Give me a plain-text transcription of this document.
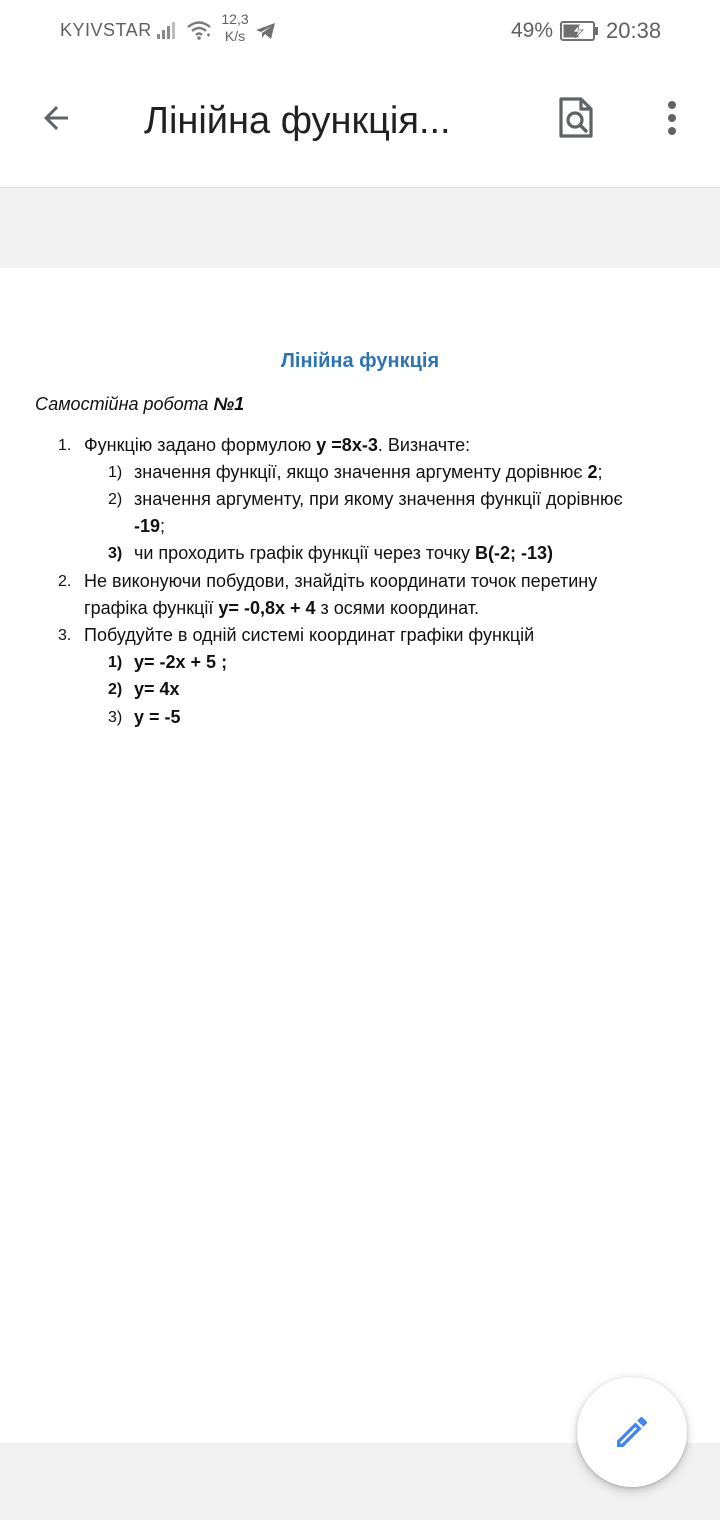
KYIVSTAR
12,3
K/s	49% 20:38
Лінійна функція...
Лінійна функція
Самостійна робота №1
1. Функцію задано формулою у =8х-3. Визначте:
1) значення функції, якщо значення аргументу дорівнює 2;
2) значення аргументу, при якому значення функції дорівнює
-19;
3) чи проходить графік функції через точку В(-2; -13)
2. Не виконуючи побудови, знайдіть координати точок перетину
графіка функції у= -0,8х + 4 з осями координат.
3. Побудуйте в одній системі координат графіки функцій
1) у= -2х + 5 ;
2) у= 4х
3) у = -5
